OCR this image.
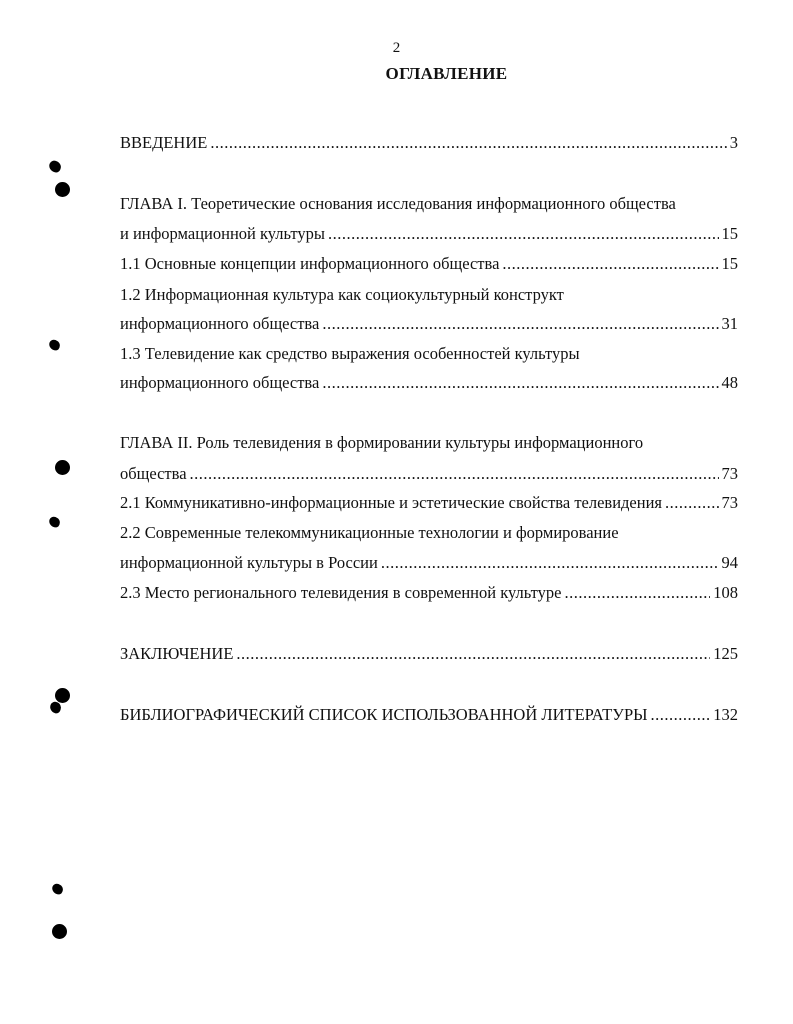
2
ОГЛАВЛЕНИЕ
ВВЕДЕНИЕ .....	3
ГЛАВА I. Теоретические основания исследования информационного общества
и информационной культуры .....	15
1.1 Основные концепции информационного общества .....	15
1.2 Информационная культура как социокультурный конструкт
информационного общества .....	31
1.3 Телевидение как средство выражения особенностей культуры
информационного общества .....	48
ГЛАВА II. Роль телевидения в формировании культуры информационного
общества .....	73
2.1 Коммуникативно-информационные и эстетические свойства телевидения .....	73
2.2 Современные телекоммуникационные технологии и формирование
информационной культуры в России .....	94
2.3 Место регионального телевидения в современной культуре .....	108
ЗАКЛЮЧЕНИЕ .....	125
БИБЛИОГРАФИЧЕСКИЙ СПИСОК ИСПОЛЬЗОВАННОЙ ЛИТЕРАТУРЫ .....	132
